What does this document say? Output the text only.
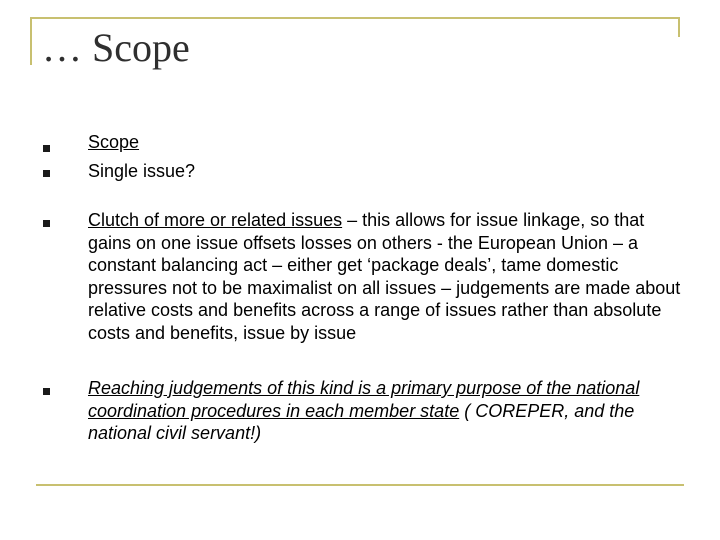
… Scope
Scope
Single issue?
Clutch of more or related issues – this allows for issue linkage, so that gains on one issue offsets losses on others - the European Union – a constant balancing act – either get ‘package deals’, tame domestic pressures not to be maximalist on all issues – judgements are made about relative costs and benefits across a range of issues rather than absolute costs and benefits, issue by issue
Reaching judgements of this kind is a primary purpose of the national coordination procedures in each member state ( COREPER, and the national civil servant!)
